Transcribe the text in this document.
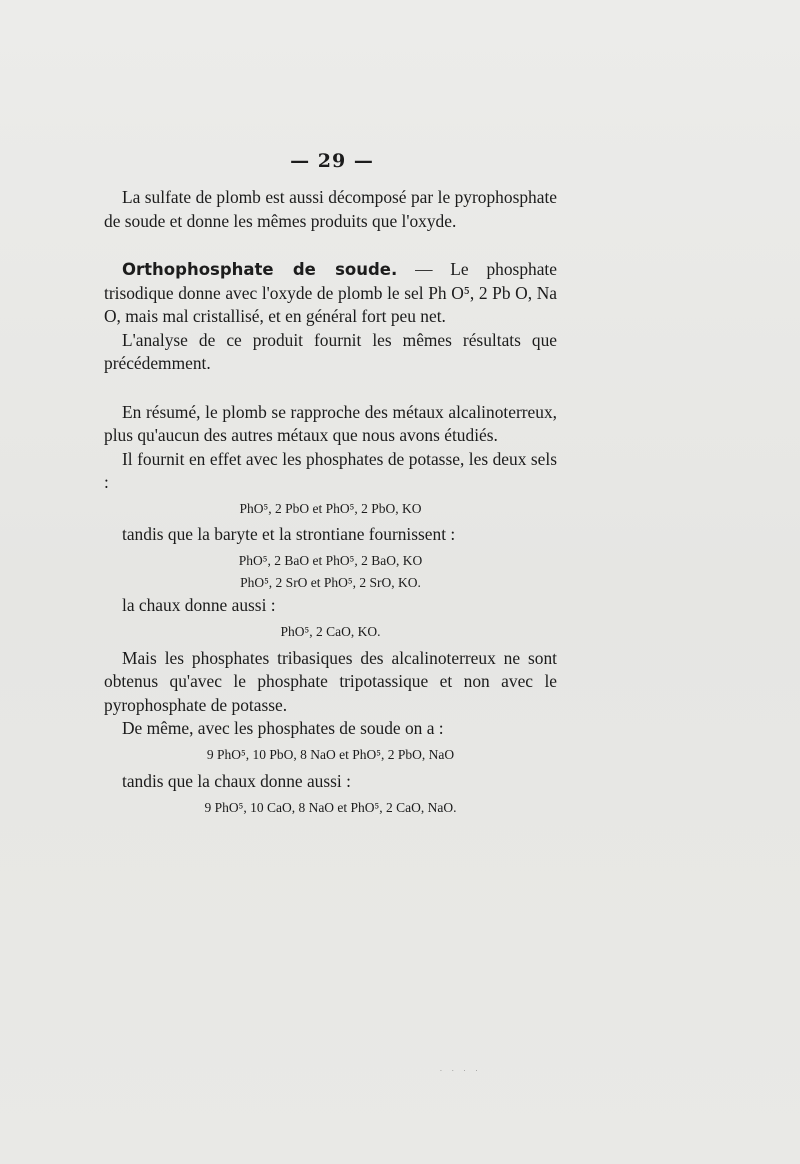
— 29 —

La sulfate de plomb est aussi décomposé par le pyrophosphate de soude et donne les mêmes produits que l'oxyde.

Orthophosphate de soude. — Le phosphate trisodique donne avec l'oxyde de plomb le sel Ph O⁵, 2 Pb O, Na O, mais mal cristallisé, et en général fort peu net.

L'analyse de ce produit fournit les mêmes résultats que précédemment.

En résumé, le plomb se rapproche des métaux alcalinoterreux, plus qu'aucun des autres métaux que nous avons étudiés.

Il fournit en effet avec les phosphates de potasse, les deux sels :

PhO⁵, 2 PbO et PhO⁵, 2 PbO, KO

tandis que la baryte et la strontiane fournissent :

PhO⁵, 2 BaO et PhO⁵, 2 BaO, KO

PhO⁵, 2 SrO et PhO⁵, 2 SrO, KO.

la chaux donne aussi :

PhO⁵, 2 CaO, KO.

Mais les phosphates tribasiques des alcalinoterreux ne sont obtenus qu'avec le phosphate tripotassique et non avec le pyrophosphate de potasse.

De même, avec les phosphates de soude on a :

9 PhO⁵, 10 PbO, 8 NaO et PhO⁵, 2 PbO, NaO

tandis que la chaux donne aussi :

9 PhO⁵, 10 CaO, 8 NaO et PhO⁵, 2 CaO, NaO.

· · · ·
